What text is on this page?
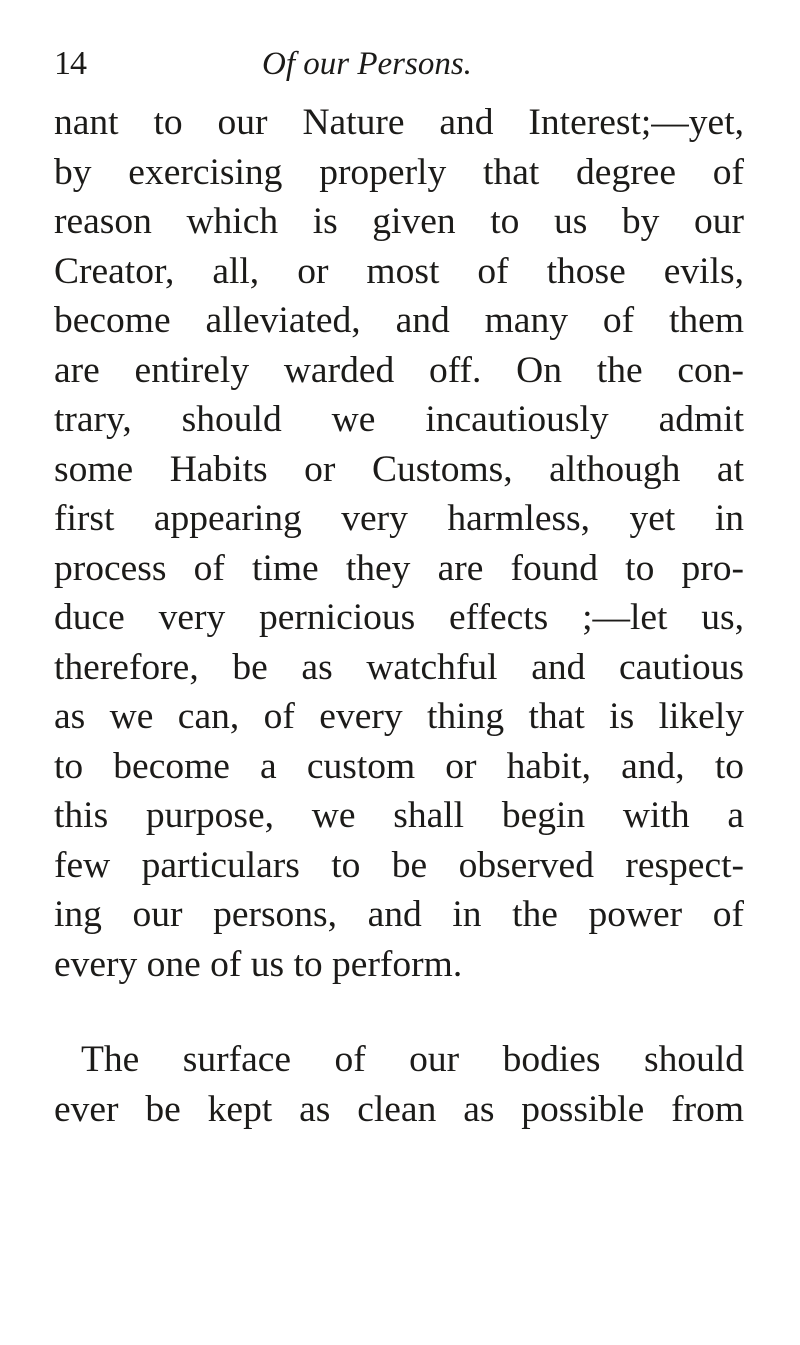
14	Of our Persons.
nant to our Nature and Interest;—yet,
by exercising properly that degree of
reason which is given to us by our
Creator, all, or most of those evils,
become alleviated, and many of them
are entirely warded off. On the con-
trary, should we incautiously admit
some Habits or Customs, although at
first appearing very harmless, yet in
process of time they are found to pro-
duce very pernicious effects ;—let us,
therefore, be as watchful and cautious
as we can, of every thing that is likely
to become a custom or habit, and, to
this purpose, we shall begin with a
few particulars to be observed respect-
ing our persons, and in the power of
every one of us to perform.
The surface of our bodies should
ever be kept as clean as possible from
